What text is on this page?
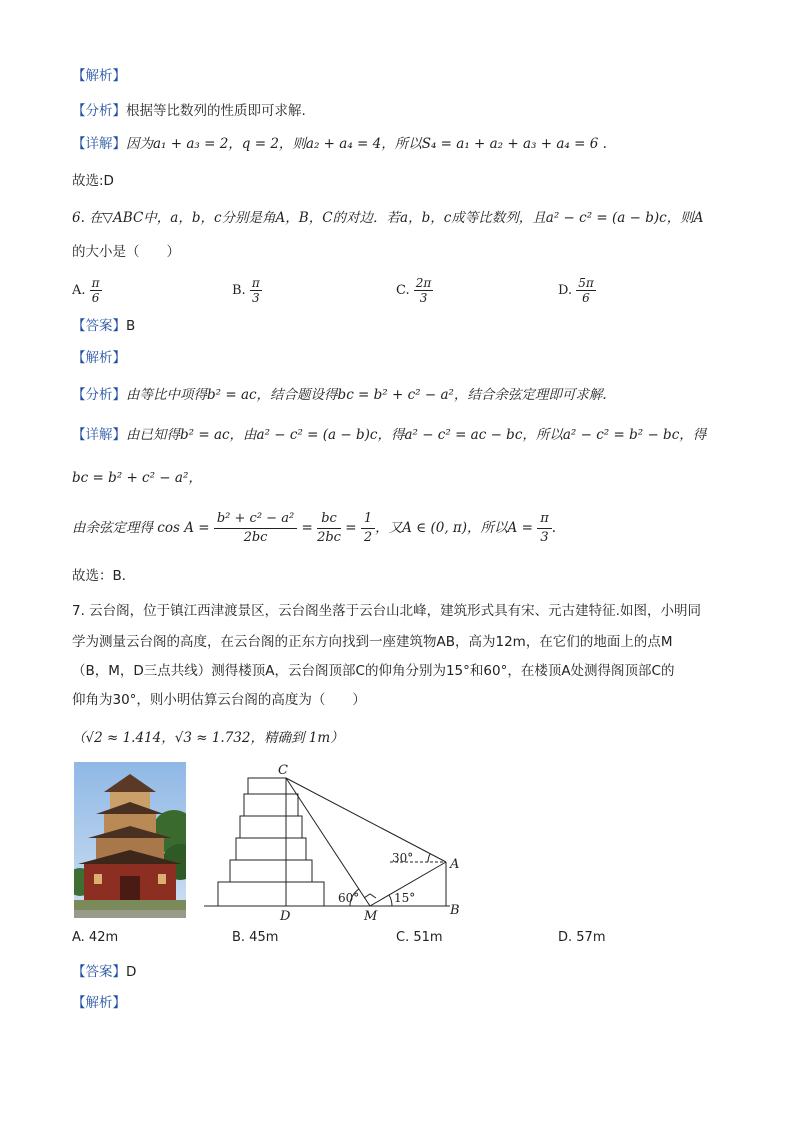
【解析】
【分析】根据等比数列的性质即可求解.
【详解】因为a₁ + a₃ = 2，q = 2，则a₂ + a₄ = 4，所以S₄ = a₁ + a₂ + a₃ + a₄ = 6 .
故选:D
6. 在▽ABC中，a，b，c分别是角A，B，C的对边．若a，b，c成等比数列，且a² − c² = (a − b)c，则A
的大小是（　　）
A. $\frac{\pi}{6}$	B. $\frac{\pi}{3}$	C. $\frac{2\pi}{3}$	D. $\frac{5\pi}{6}$
【答案】B
【解析】
【分析】由等比中项得b² = ac，结合题设得bc = b² + c² − a²，结合余弦定理即可求解.
【详解】由已知得b² = ac，由a² − c² = (a − b)c，得a² − c² = ac − bc，所以a² − c² = b² − bc，得
bc = b² + c² − a²，
由余弦定理得 $\cos A = \frac{\text{b² + c² − a²}}{2bc} = \frac{bc}{2bc} = \frac{1}{2}$ ，又A ∈ (0, π)，所以$A = \frac{\pi}{3}$ .
故选：B．
7. 云台阁，位于镇江西津渡景区，云台阁坐落于云台山北峰，建筑形式具有宋、元古建特征.如图，小明同
学为测量云台阁的高度，在云台阁的正东方向找到一座建筑物AB，高为12m，在它们的地面上的点M
（B，M，D三点共线）测得楼顶A，云台阁顶部C的仰角分别为15°和60°，在楼顶A处测得阁顶部C的
仰角为30°，则小明估算云台阁的高度为（　　）
（√2 ≈ 1.414，√3 ≈ 1.732，精确到 1m）
C
A
B
D	M
30°
60°	15°
A. 42m	B. 45m	C. 51m	D. 57m
【答案】D
【解析】
